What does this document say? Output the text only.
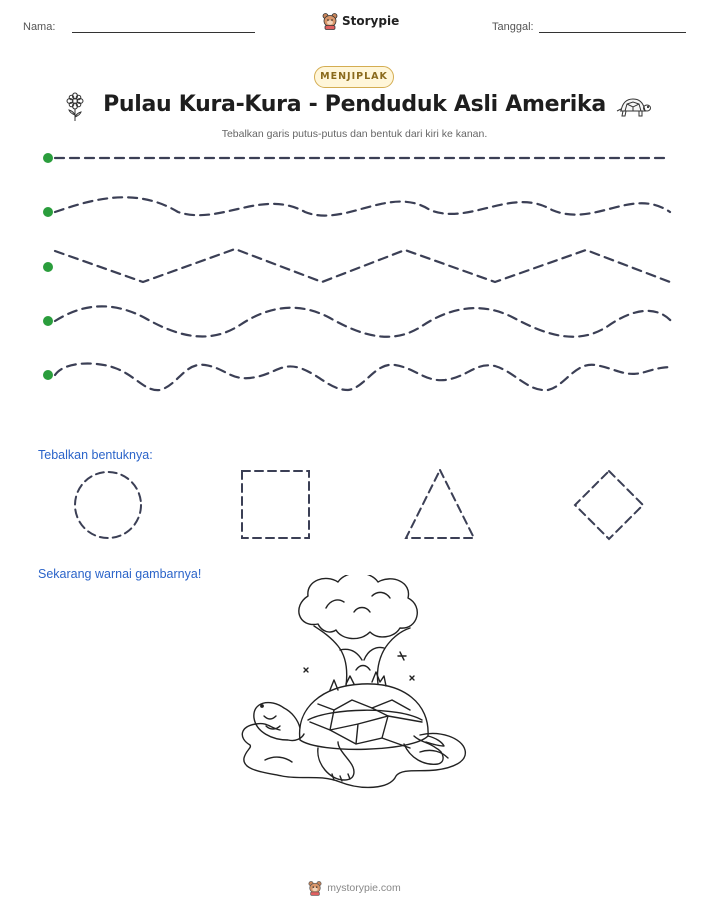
Nama:	Storypie	Tanggal:
MENJIPLAK
Pulau Kura-Kura - Penduduk Asli Amerika
Tebalkan garis putus-putus dan bentuk dari kiri ke kanan.
Tebalkan bentuknya:
Sekarang warnai gambarnya!
mystorypie.com
